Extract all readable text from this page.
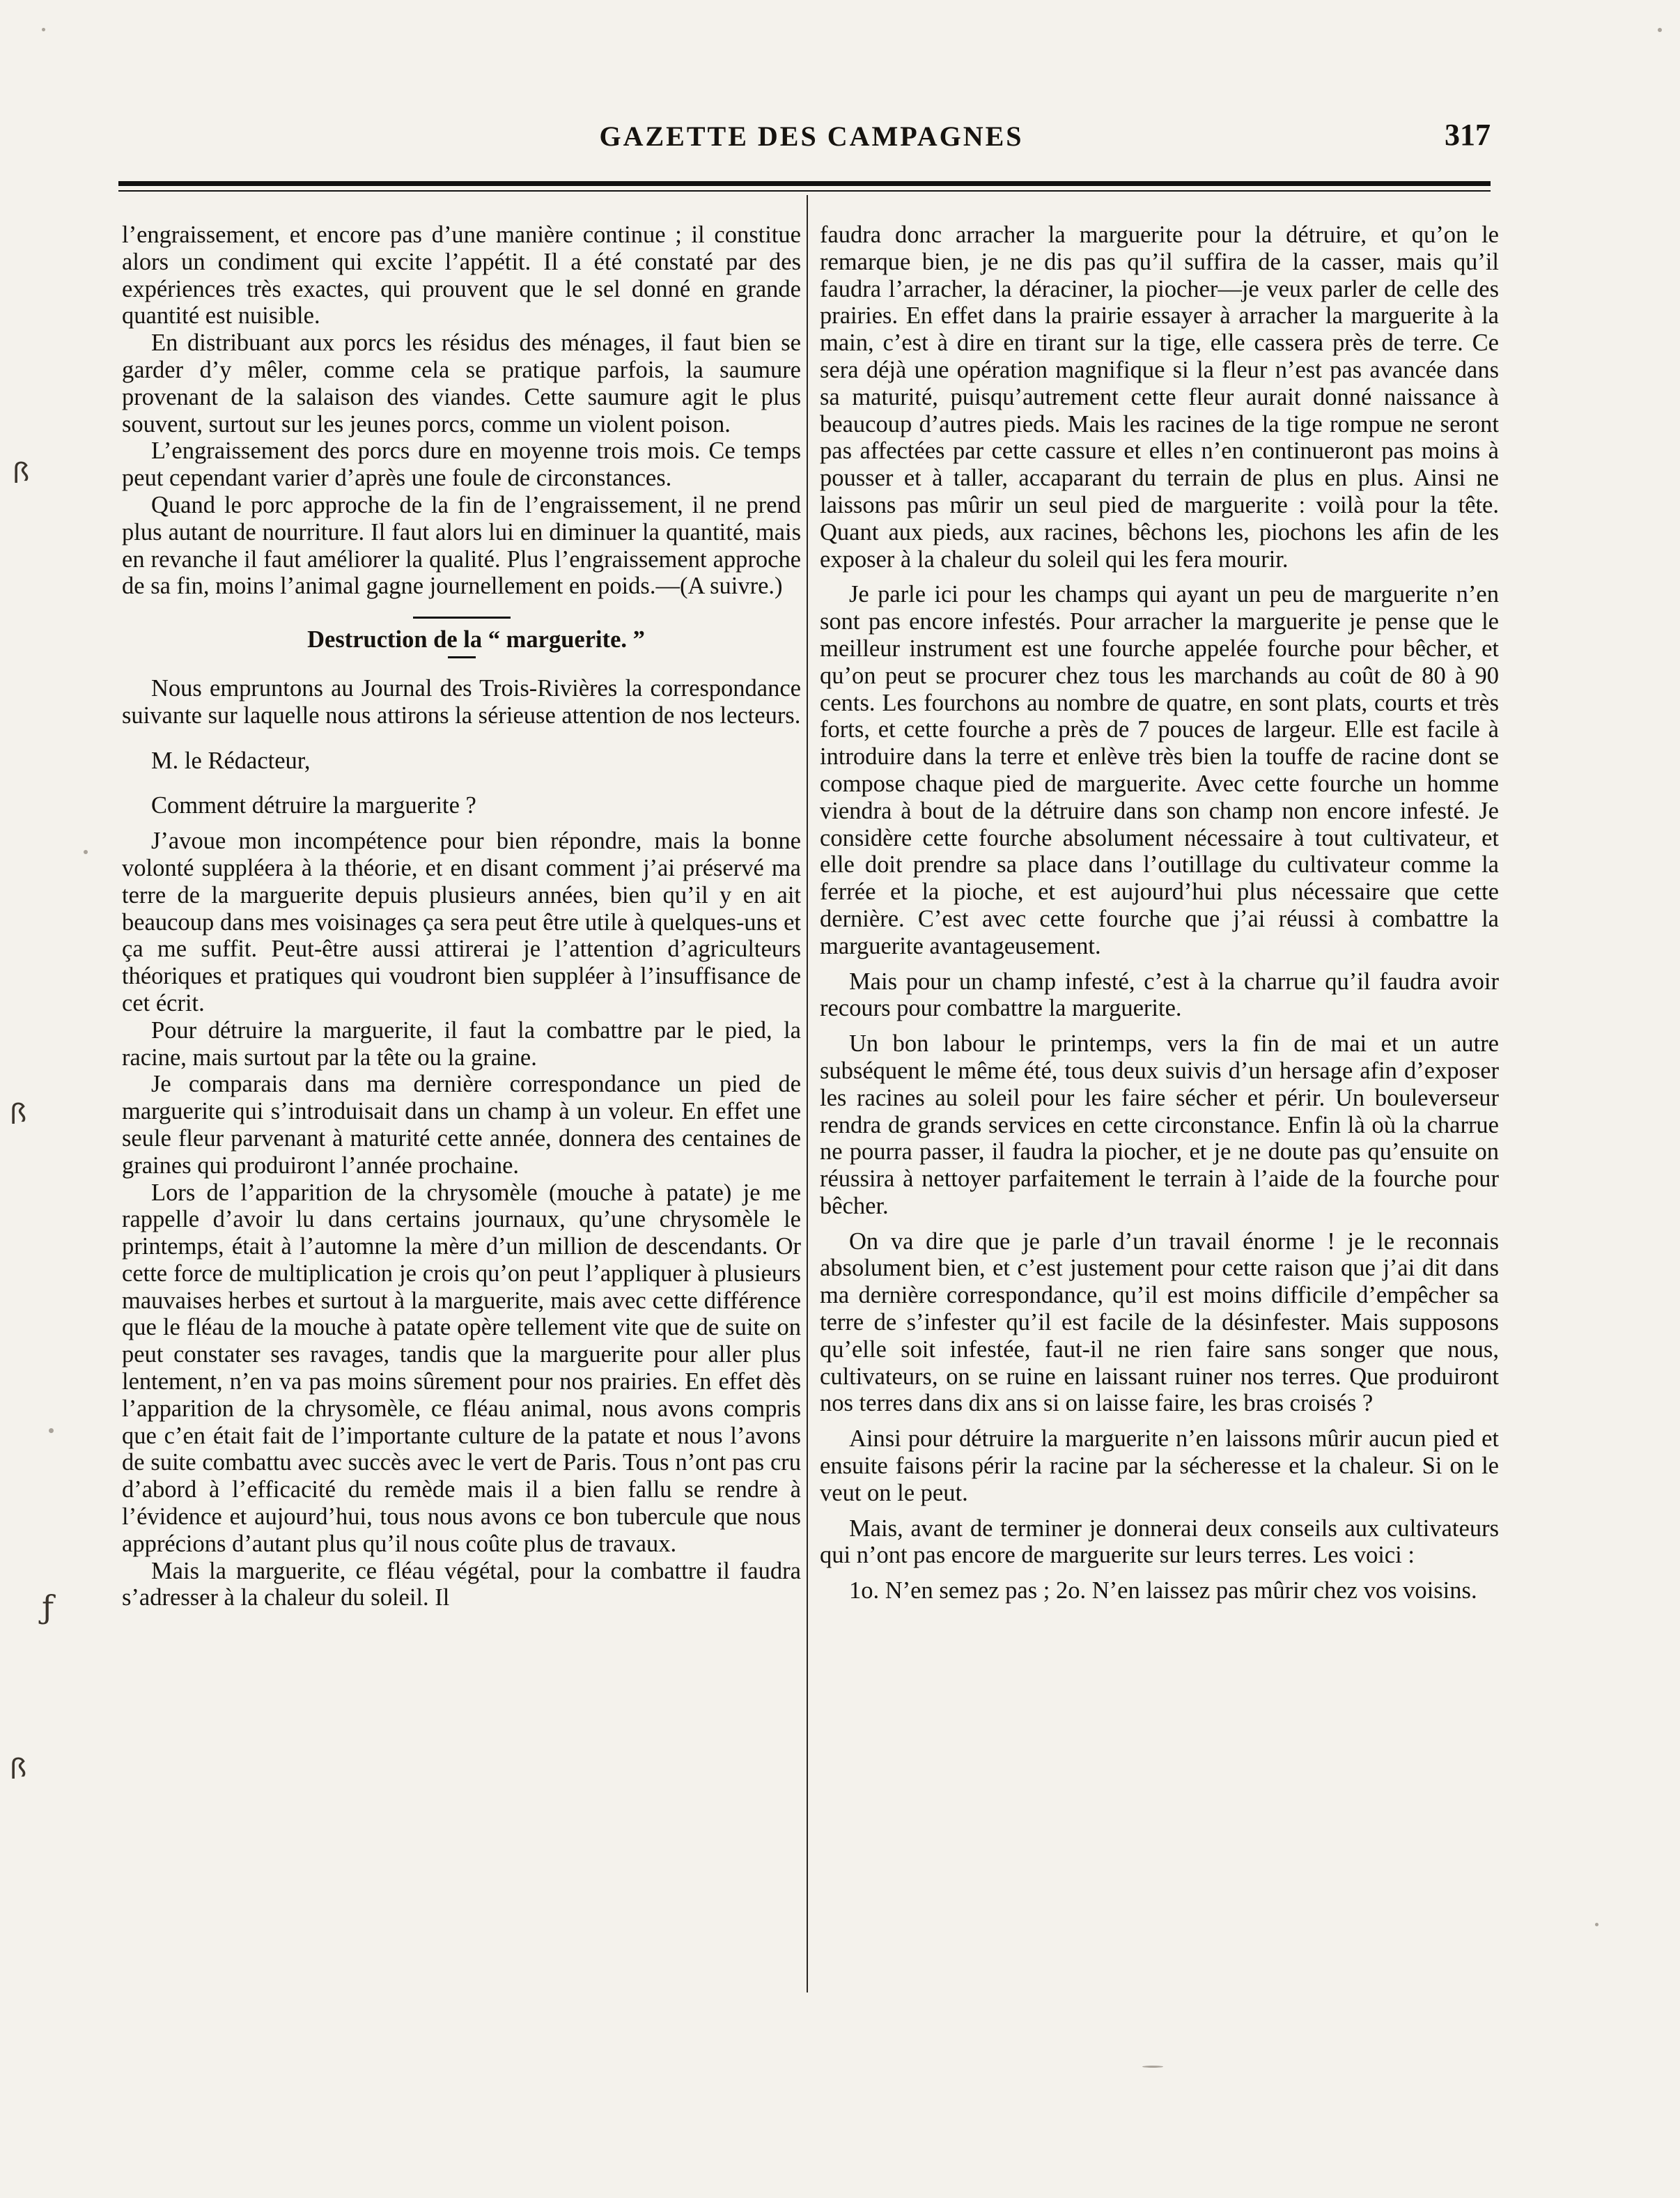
GAZETTE DES CAMPAGNES	317

l’engraissement, et encore pas d’une manière continue ; il constitue alors un condiment qui excite l’appétit. Il a été constaté par des expériences très exactes, qui prouvent que le sel donné en grande quantité est nuisible.

En distribuant aux porcs les résidus des ménages, il faut bien se garder d’y mêler, comme cela se pratique parfois, la saumure provenant de la salaison des viandes. Cette saumure agit le plus souvent, surtout sur les jeunes porcs, comme un violent poison.

L’engraissement des porcs dure en moyenne trois mois. Ce temps peut cependant varier d’après une foule de circonstances.

Quand le porc approche de la fin de l’engraissement, il ne prend plus autant de nourriture. Il faut alors lui en diminuer la quantité, mais en revanche il faut améliorer la qualité. Plus l’engraissement approche de sa fin, moins l’animal gagne journellement en poids.—(A suivre.)

Destruction de la “ marguerite. ”

Nous empruntons au Journal des Trois-Rivières la correspondance suivante sur laquelle nous attirons la sérieuse attention de nos lecteurs.

M. le Rédacteur,

Comment détruire la marguerite ?

J’avoue mon incompétence pour bien répondre, mais la bonne volonté suppléera à la théorie, et en disant comment j’ai préservé ma terre de la marguerite depuis plusieurs années, bien qu’il y en ait beaucoup dans mes voisinages ça sera peut être utile à quelques-uns et ça me suffit. Peut-être aussi attirerai je l’attention d’agriculteurs théoriques et pratiques qui voudront bien suppléer à l’insuffisance de cet écrit.

Pour détruire la marguerite, il faut la combattre par le pied, la racine, mais surtout par la tête ou la graine.

Je comparais dans ma dernière correspondance un pied de marguerite qui s’introduisait dans un champ à un voleur. En effet une seule fleur parvenant à maturité cette année, donnera des centaines de graines qui produiront l’année prochaine.

Lors de l’apparition de la chrysomèle (mouche à patate) je me rappelle d’avoir lu dans certains journaux, qu’une chrysomèle le printemps, était à l’automne la mère d’un million de descendants. Or cette force de multiplication je crois qu’on peut l’appliquer à plusieurs mauvaises herbes et surtout à la marguerite, mais avec cette différence que le fléau de la mouche à patate opère tellement vite que de suite on peut constater ses ravages, tandis que la marguerite pour aller plus lentement, n’en va pas moins sûrement pour nos prairies. En effet dès l’apparition de la chrysomèle, ce fléau animal, nous avons compris que c’en était fait de l’importante culture de la patate et nous l’avons de suite combattu avec succès avec le vert de Paris. Tous n’ont pas cru d’abord à l’efficacité du remède mais il a bien fallu se rendre à l’évidence et aujourd’hui, tous nous avons ce bon tubercule que nous apprécions d’autant plus qu’il nous coûte plus de travaux.

Mais la marguerite, ce fléau végétal, pour la combattre il faudra s’adresser à la chaleur du soleil. Il

faudra donc arracher la marguerite pour la détruire, et qu’on le remarque bien, je ne dis pas qu’il suffira de la casser, mais qu’il faudra l’arracher, la déraciner, la piocher—je veux parler de celle des prairies. En effet dans la prairie essayer à arracher la marguerite à la main, c’est à dire en tirant sur la tige, elle cassera près de terre. Ce sera déjà une opération magnifique si la fleur n’est pas avancée dans sa maturité, puisqu’autrement cette fleur aurait donné naissance à beaucoup d’autres pieds. Mais les racines de la tige rompue ne seront pas affectées par cette cassure et elles n’en continueront pas moins à pousser et à taller, accaparant du terrain de plus en plus. Ainsi ne laissons pas mûrir un seul pied de marguerite : voilà pour la tête. Quant aux pieds, aux racines, bêchons les, piochons les afin de les exposer à la chaleur du soleil qui les fera mourir.

Je parle ici pour les champs qui ayant un peu de marguerite n’en sont pas encore infestés. Pour arracher la marguerite je pense que le meilleur instrument est une fourche appelée fourche pour bêcher, et qu’on peut se procurer chez tous les marchands au coût de 80 à 90 cents. Les fourchons au nombre de quatre, en sont plats, courts et très forts, et cette fourche a près de 7 pouces de largeur. Elle est facile à introduire dans la terre et enlève très bien la touffe de racine dont se compose chaque pied de marguerite. Avec cette fourche un homme viendra à bout de la détruire dans son champ non encore infesté. Je considère cette fourche absolument nécessaire à tout cultivateur, et elle doit prendre sa place dans l’outillage du cultivateur comme la ferrée et la pioche, et est aujourd’hui plus nécessaire que cette dernière. C’est avec cette fourche que j’ai réussi à combattre la marguerite avantageusement.

Mais pour un champ infesté, c’est à la charrue qu’il faudra avoir recours pour combattre la marguerite.

Un bon labour le printemps, vers la fin de mai et un autre subséquent le même été, tous deux suivis d’un hersage afin d’exposer les racines au soleil pour les faire sécher et périr. Un bouleverseur rendra de grands services en cette circonstance. Enfin là où la charrue ne pourra passer, il faudra la piocher, et je ne doute pas qu’ensuite on réussira à nettoyer parfaitement le terrain à l’aide de la fourche pour bêcher.

On va dire que je parle d’un travail énorme ! je le reconnais absolument bien, et c’est justement pour cette raison que j’ai dit dans ma dernière correspondance, qu’il est moins difficile d’empêcher sa terre de s’infester qu’il est facile de la désinfester. Mais supposons qu’elle soit infestée, faut-il ne rien faire sans songer que nous, cultivateurs, on se ruine en laissant ruiner nos terres. Que produiront nos terres dans dix ans si on laisse faire, les bras croisés ?

Ainsi pour détruire la marguerite n’en laissons mûrir aucun pied et ensuite faisons périr la racine par la sécheresse et la chaleur. Si on le veut on le peut.

Mais, avant de terminer je donnerai deux conseils aux cultivateurs qui n’ont pas encore de marguerite sur leurs terres. Les voici :

1o. N’en semez pas ; 2o. N’en laissez pas mûrir chez vos voisins.

ꟗ
ꟗ
ꟗ
ƒ
